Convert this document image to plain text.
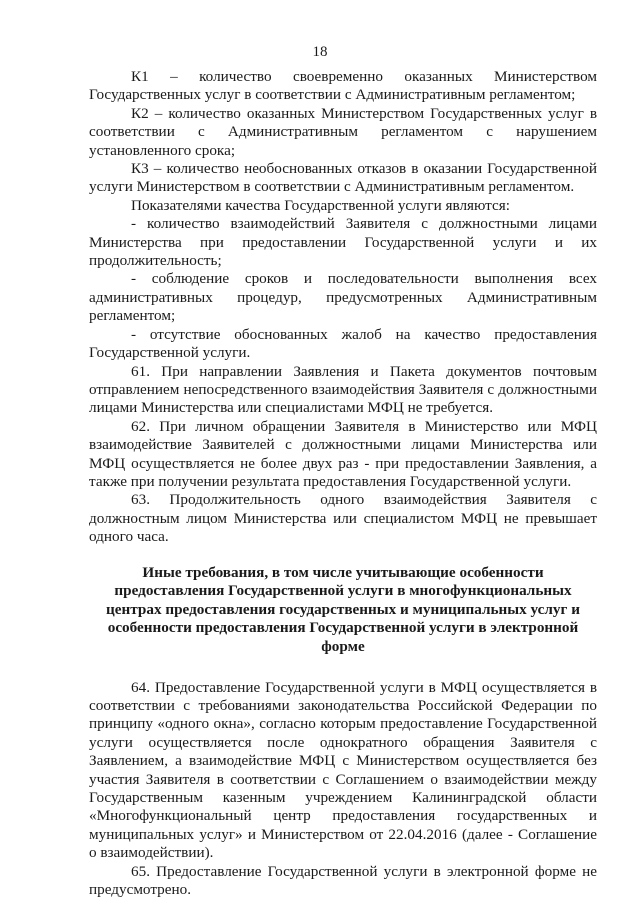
18

К1 – количество своевременно оказанных Министерством Государственных услуг в соответствии с Административным регламентом;

К2 – количество оказанных Министерством Государственных услуг в соответствии с Административным регламентом с нарушением установленного срока;

К3 – количество необоснованных отказов в оказании Государственной услуги Министерством в соответствии с Административным регламентом.

Показателями качества Государственной услуги являются:

- количество взаимодействий Заявителя с должностными лицами Министерства при предоставлении Государственной услуги и их продолжительность;

- соблюдение сроков и последовательности выполнения всех административных процедур, предусмотренных Административным регламентом;

- отсутствие обоснованных жалоб на качество предоставления Государственной услуги.

61. При направлении Заявления и Пакета документов почтовым отправлением непосредственного взаимодействия Заявителя с должностными лицами Министерства или специалистами МФЦ не требуется.

62. При личном обращении Заявителя в Министерство или МФЦ взаимодействие Заявителей с должностными лицами Министерства или МФЦ осуществляется не более двух раз - при предоставлении Заявления, а также при получении результата предоставления Государственной услуги.

63. Продолжительность одного взаимодействия Заявителя с должностным лицом Министерства или специалистом МФЦ не превышает одного часа.

Иные требования, в том числе учитывающие особенности предоставления Государственной услуги в многофункциональных центрах предоставления государственных и муниципальных услуг и особенности предоставления Государственной услуги в электронной форме

64. Предоставление Государственной услуги в МФЦ осуществляется в соответствии с требованиями законодательства Российской Федерации по принципу «одного окна», согласно которым предоставление Государственной услуги осуществляется после однократного обращения Заявителя с Заявлением, а взаимодействие МФЦ с Министерством осуществляется без участия Заявителя в соответствии с Соглашением о взаимодействии между Государственным казенным учреждением Калининградской области «Многофункциональный центр предоставления государственных и муниципальных услуг» и Министерством от 22.04.2016 (далее - Соглашение о взаимодействии).

65. Предоставление Государственной услуги в электронной форме не предусмотрено.
